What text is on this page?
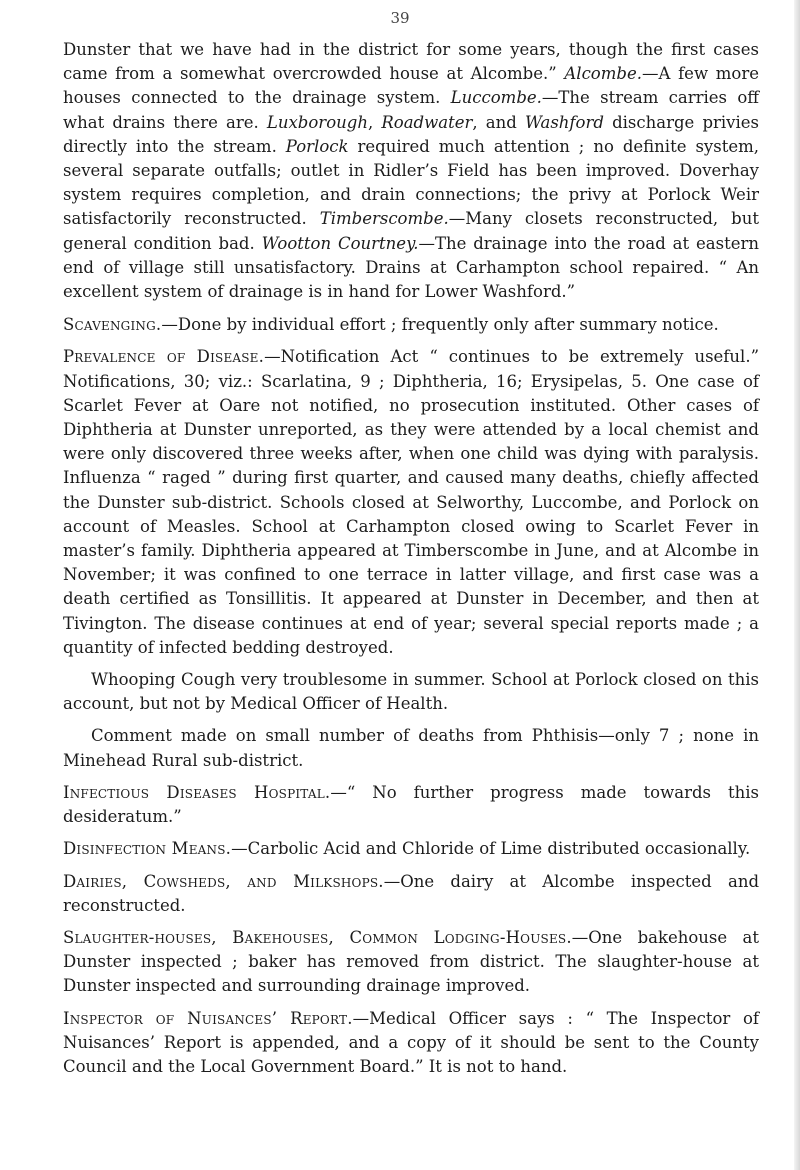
39

Dunster that we have had in the district for some years, though the first cases came from a somewhat overcrowded house at Alcombe.” Alcombe.—A few more houses connected to the drainage system. Luccombe.—The stream carries off what drains there are. Luxborough, Roadwater, and Washford discharge privies directly into the stream. Porlock required much attention ; no definite system, several separate outfalls; outlet in Ridler’s Field has been improved. Doverhay system requires completion, and drain connections; the privy at Porlock Weir satisfactorily reconstructed. Timberscombe.—Many closets reconstructed, but general condition bad. Wootton Courtney.—The drainage into the road at eastern end of village still unsatisfactory. Drains at Carhampton school repaired. “ An excellent system of drainage is in hand for Lower Washford.”

Scavenging.—Done by individual effort ; frequently only after summary notice.

Prevalence of Disease.—Notification Act “ continues to be extremely useful.” Notifications, 30; viz.: Scarlatina, 9 ; Diphtheria, 16; Erysipelas, 5. One case of Scarlet Fever at Oare not notified, no prosecution instituted. Other cases of Diphtheria at Dunster unreported, as they were attended by a local chemist and were only discovered three weeks after, when one child was dying with paralysis. Influenza “ raged ” during first quarter, and caused many deaths, chiefly affected the Dunster sub-district. Schools closed at Selworthy, Luccombe, and Porlock on account of Measles. School at Carhampton closed owing to Scarlet Fever in master’s family. Diphtheria appeared at Timberscombe in June, and at Alcombe in November; it was confined to one terrace in latter village, and first case was a death certified as Tonsillitis. It appeared at Dunster in December, and then at Tivington. The disease continues at end of year; several special reports made ; a quantity of infected bedding destroyed.

Whooping Cough very troublesome in summer. School at Porlock closed on this account, but not by Medical Officer of Health.

Comment made on small number of deaths from Phthisis—only 7 ; none in Minehead Rural sub-district.

Infectious Diseases Hospital.—“ No further progress made towards this desideratum.”

Disinfection Means.—Carbolic Acid and Chloride of Lime distributed occasionally.

Dairies, Cowsheds, and Milkshops.—One dairy at Alcombe inspected and reconstructed.

Slaughter-houses, Bakehouses, Common Lodging-Houses.—One bakehouse at Dunster inspected ; baker has removed from district. The slaughter-house at Dunster inspected and surrounding drainage improved.

Inspector of Nuisances’ Report.—Medical Officer says : “ The Inspector of Nuisances’ Report is appended, and a copy of it should be sent to the County Council and the Local Government Board.” It is not to hand.
